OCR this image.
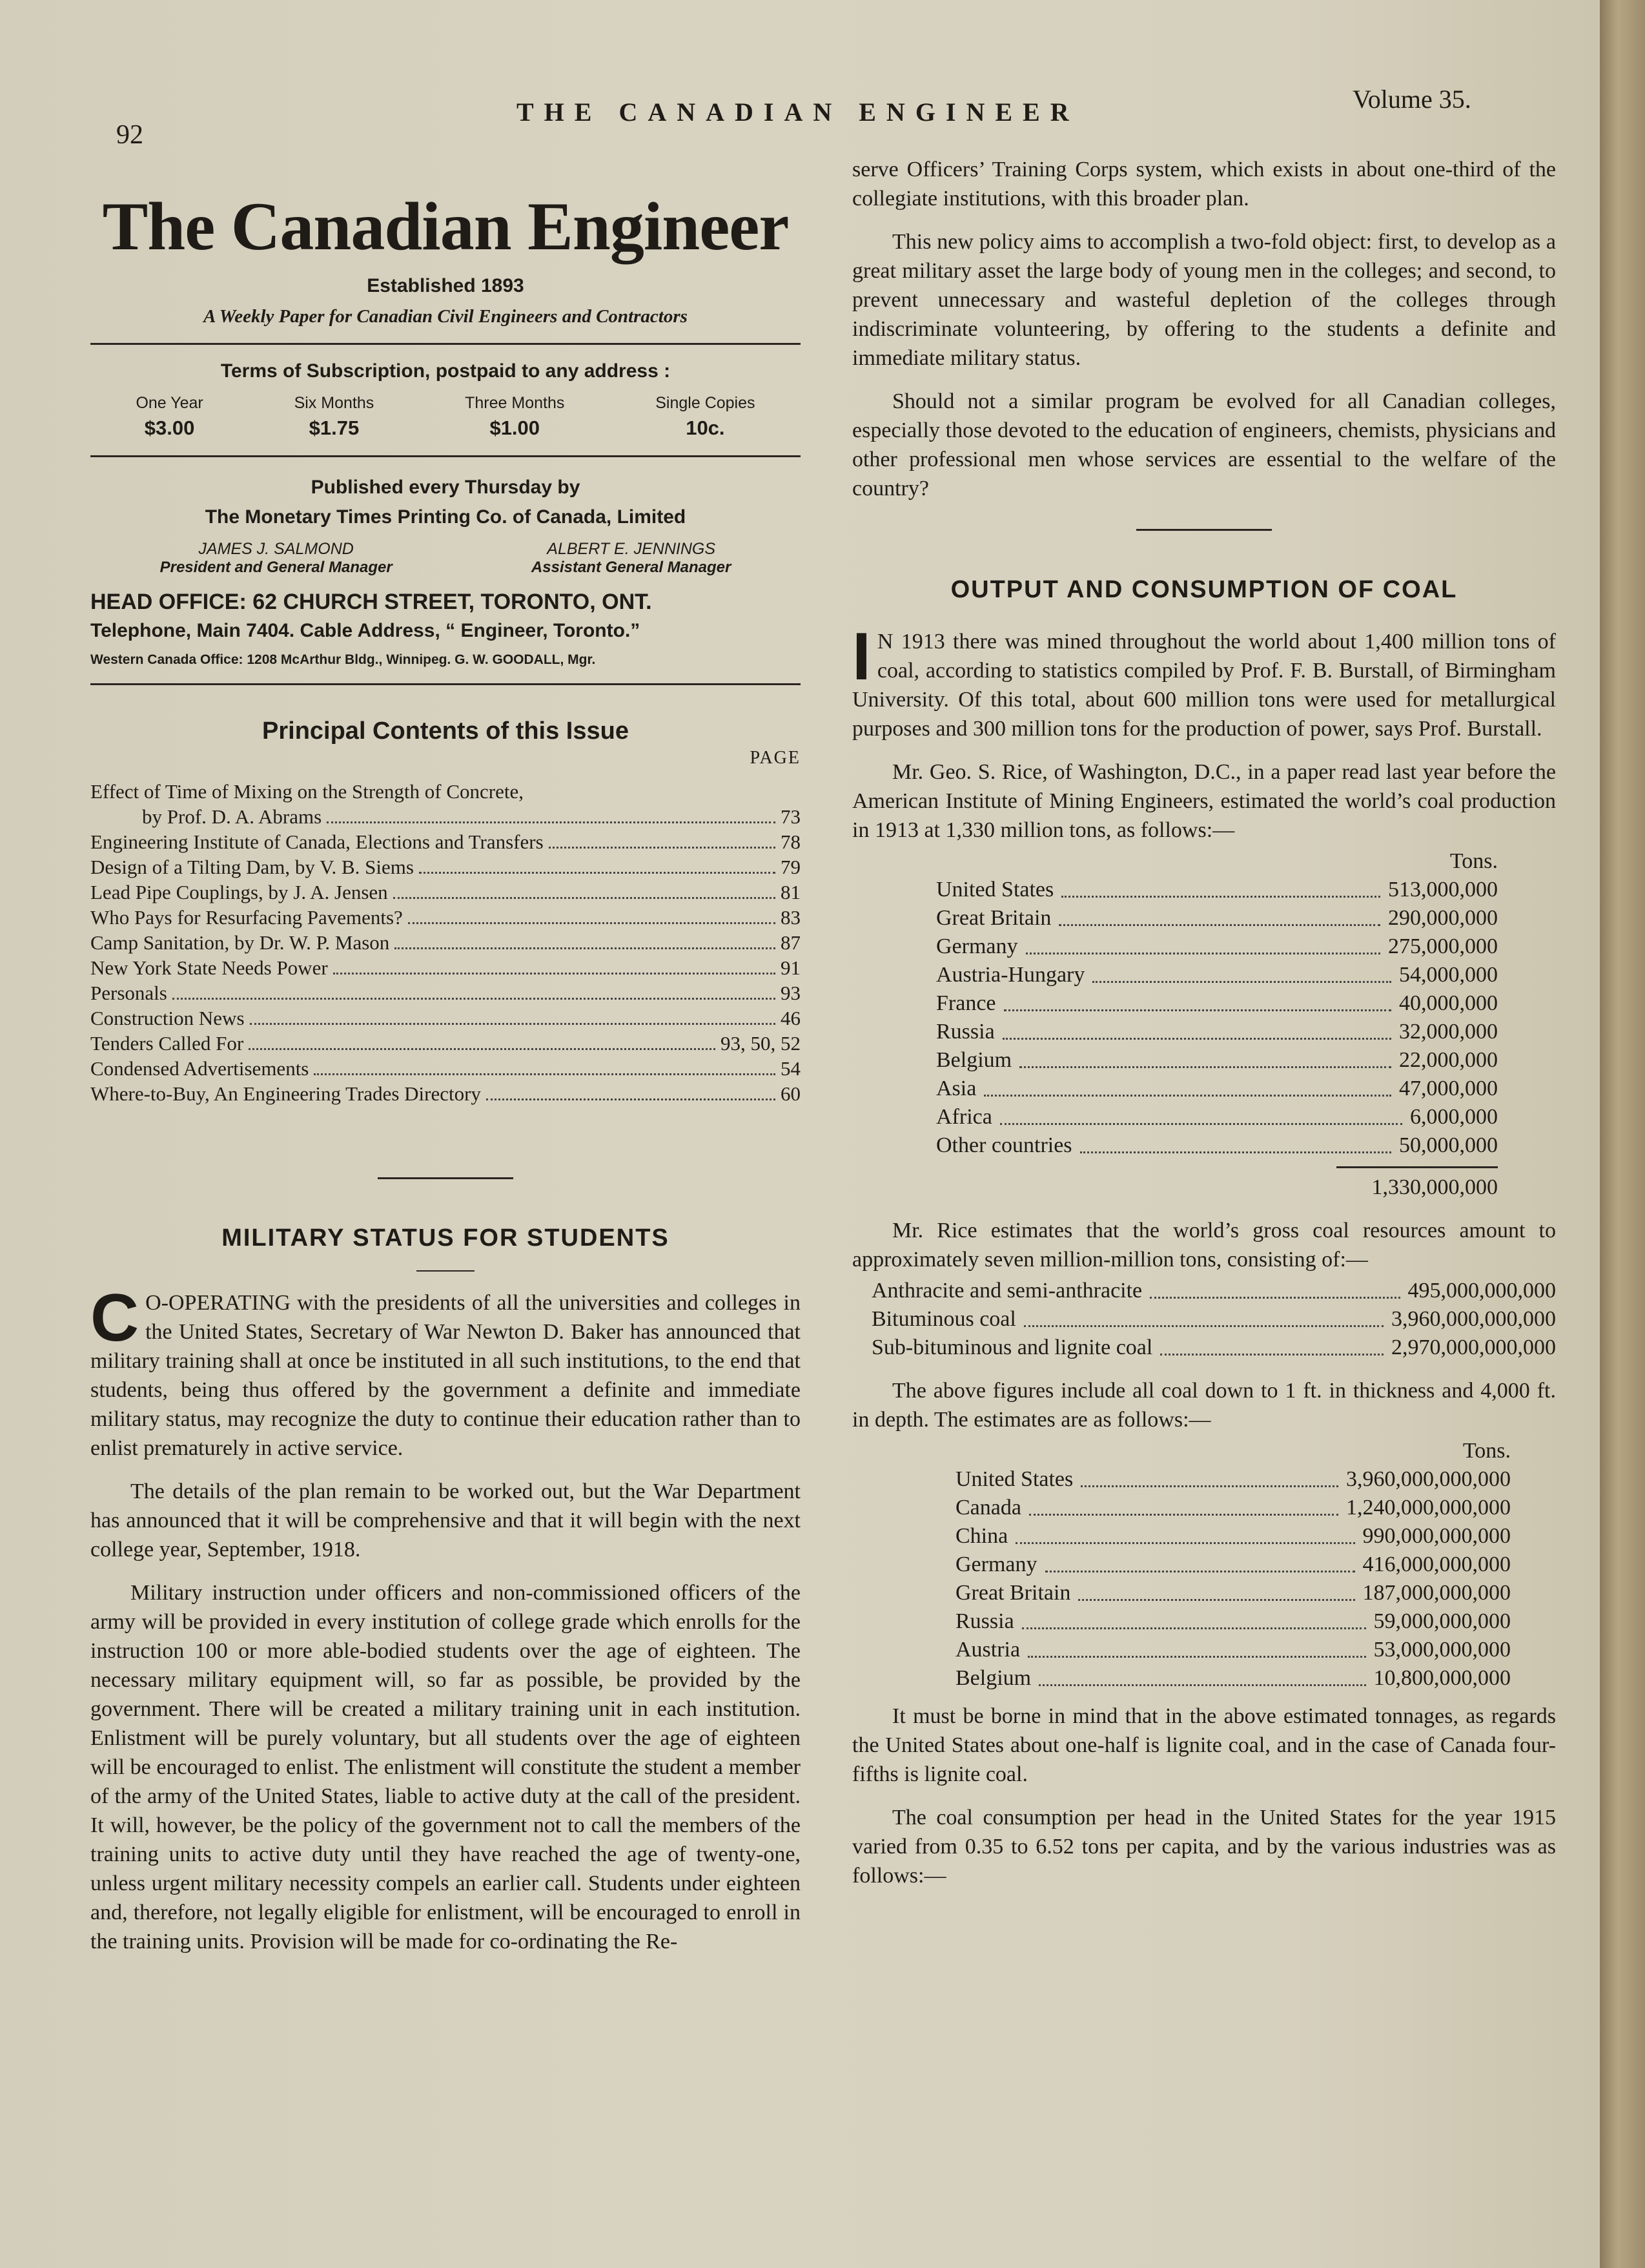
92
THE CANADIAN ENGINEER	Volume 35.
The Canadian Engineer
Established 1893
A Weekly Paper for Canadian Civil Engineers and Contractors
Terms of Subscription, postpaid to any address :
One Year
$3.00
Six Months
$1.75
Three Months
$1.00
Single Copies
10c.
Published every Thursday by
The Monetary Times Printing Co. of Canada, Limited
JAMES J. SALMOND
President and General Manager
ALBERT E. JENNINGS
Assistant General Manager
HEAD OFFICE: 62 CHURCH STREET, TORONTO, ONT.
Telephone, Main 7404. Cable Address, “ Engineer, Toronto.”
Western Canada Office: 1208 McArthur Bldg., Winnipeg. G. W. GOODALL, Mgr.
Principal Contents of this Issue
PAGE
Effect of Time of Mixing on the Strength of Concrete,
by Prof. D. A. Abrams	73
Engineering Institute of Canada, Elections and Transfers	78
Design of a Tilting Dam, by V. B. Siems	79
Lead Pipe Couplings, by J. A. Jensen	81
Who Pays for Resurfacing Pavements?	83
Camp Sanitation, by Dr. W. P. Mason	87
New York State Needs Power	91
Personals	93
Construction News	46
Tenders Called For	93, 50, 52
Condensed Advertisements	54
Where-to-Buy, An Engineering Trades Directory	60
MILITARY STATUS FOR STUDENTS

C O-OPERATING with the presidents of all the universities and colleges in the United States, Secretary of War Newton D. Baker has announced that military training shall at once be instituted in all such institutions, to the end that students, being thus offered by the government a definite and immediate military status, may recognize the duty to continue their education rather than to enlist prematurely in active service.

The details of the plan remain to be worked out, but the War Department has announced that it will be comprehensive and that it will begin with the next college year, September, 1918.

Military instruction under officers and non-commissioned officers of the army will be provided in every institution of college grade which enrolls for the instruction 100 or more able-bodied students over the age of eighteen. The necessary military equipment will, so far as possible, be provided by the government. There will be created a military training unit in each institution. Enlistment will be purely voluntary, but all students over the age of eighteen will be encouraged to enlist. The enlistment will constitute the student a member of the army of the United States, liable to active duty at the call of the president. It will, however, be the policy of the government not to call the members of the training units to active duty until they have reached the age of twenty-one, unless urgent military necessity compels an earlier call. Students under eighteen and, therefore, not legally eligible for enlistment, will be encouraged to enroll in the training units. Provision will be made for co-ordinating the Re-

serve Officers’ Training Corps system, which exists in about one-third of the collegiate institutions, with this broader plan.

This new policy aims to accomplish a two-fold object: first, to develop as a great military asset the large body of young men in the colleges; and second, to prevent unnecessary and wasteful depletion of the colleges through indiscriminate volunteering, by offering to the students a definite and immediate military status.

Should not a similar program be evolved for all Canadian colleges, especially those devoted to the education of engineers, chemists, physicians and other professional men whose services are essential to the welfare of the country?

OUTPUT AND CONSUMPTION OF COAL

I N 1913 there was mined throughout the world about 1,400 million tons of coal, according to statistics compiled by Prof. F. B. Burstall, of Birmingham University. Of this total, about 600 million tons were used for metallurgical purposes and 300 million tons for the production of power, says Prof. Burstall.

Mr. Geo. S. Rice, of Washington, D.C., in a paper read last year before the American Institute of Mining Engineers, estimated the world’s coal production in 1913 at 1,330 million tons, as follows:—

Tons.
United States	513,000,000
Great Britain	290,000,000
Germany	275,000,000
Austria-Hungary	54,000,000
France	40,000,000
Russia	32,000,000
Belgium	22,000,000
Asia	47,000,000
Africa	6,000,000
Other countries	50,000,000
1,330,000,000

Mr. Rice estimates that the world’s gross coal resources amount to approximately seven million-million tons, consisting of:—

Anthracite and semi-anthracite	495,000,000,000
Bituminous coal	3,960,000,000,000
Sub-bituminous and lignite coal	2,970,000,000,000

The above figures include all coal down to 1 ft. in thickness and 4,000 ft. in depth. The estimates are as follows:—

Tons.
United States	3,960,000,000,000
Canada	1,240,000,000,000
China	990,000,000,000
Germany	416,000,000,000
Great Britain	187,000,000,000
Russia	59,000,000,000
Austria	53,000,000,000
Belgium	10,800,000,000

It must be borne in mind that in the above estimated tonnages, as regards the United States about one-half is lignite coal, and in the case of Canada four-fifths is lignite coal.

The coal consumption per head in the United States for the year 1915 varied from 0.35 to 6.52 tons per capita, and by the various industries was as follows:—
